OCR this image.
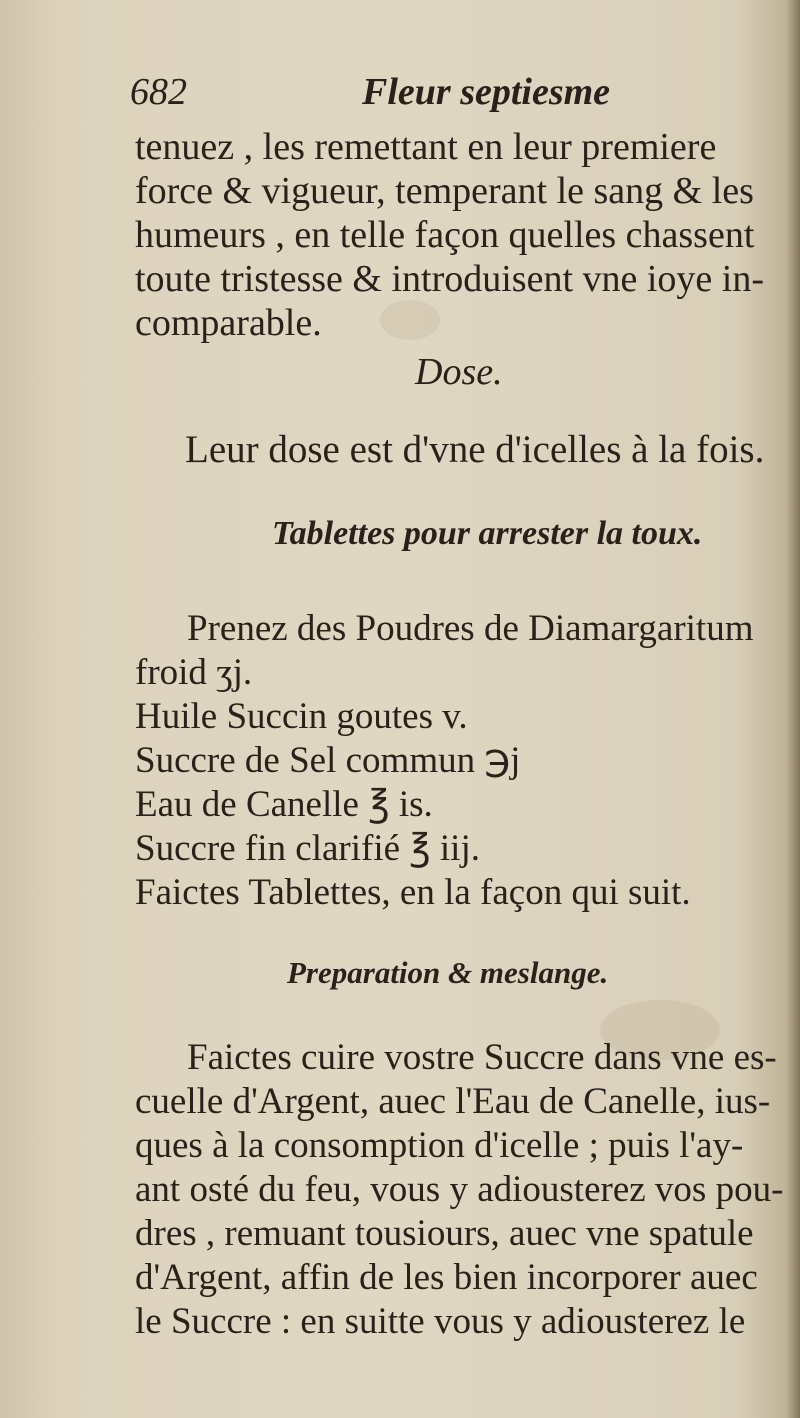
682	Fleur septiesme
tenuez , les remettant en leur premiere
force & vigueur, temperant le sang & les
humeurs , en telle façon quelles chassent
toute tristesse & introduisent vne ioye in-
comparable.
Dose.
Leur dose est d'vne d'icelles à la fois.
Tablettes pour arrester la toux.
Prenez des Poudres de Diamargaritum
froid ʒj.
Huile Succin goutes v.
Succre de Sel commun ℈j
Eau de Canelle ℥ is.
Succre fin clarifié ℥ iij.
Faictes Tablettes, en la façon qui suit.
Preparation & meslange.
Faictes cuire vostre Succre dans vne es-
cuelle d'Argent, auec l'Eau de Canelle, ius-
ques à la consomption d'icelle ; puis l'ay-
ant osté du feu, vous y adiousterez vos pou-
dres , remuant tousiours, auec vne spatule
d'Argent, affin de les bien incorporer auec
le Succre : en suitte vous y adiousterez le
